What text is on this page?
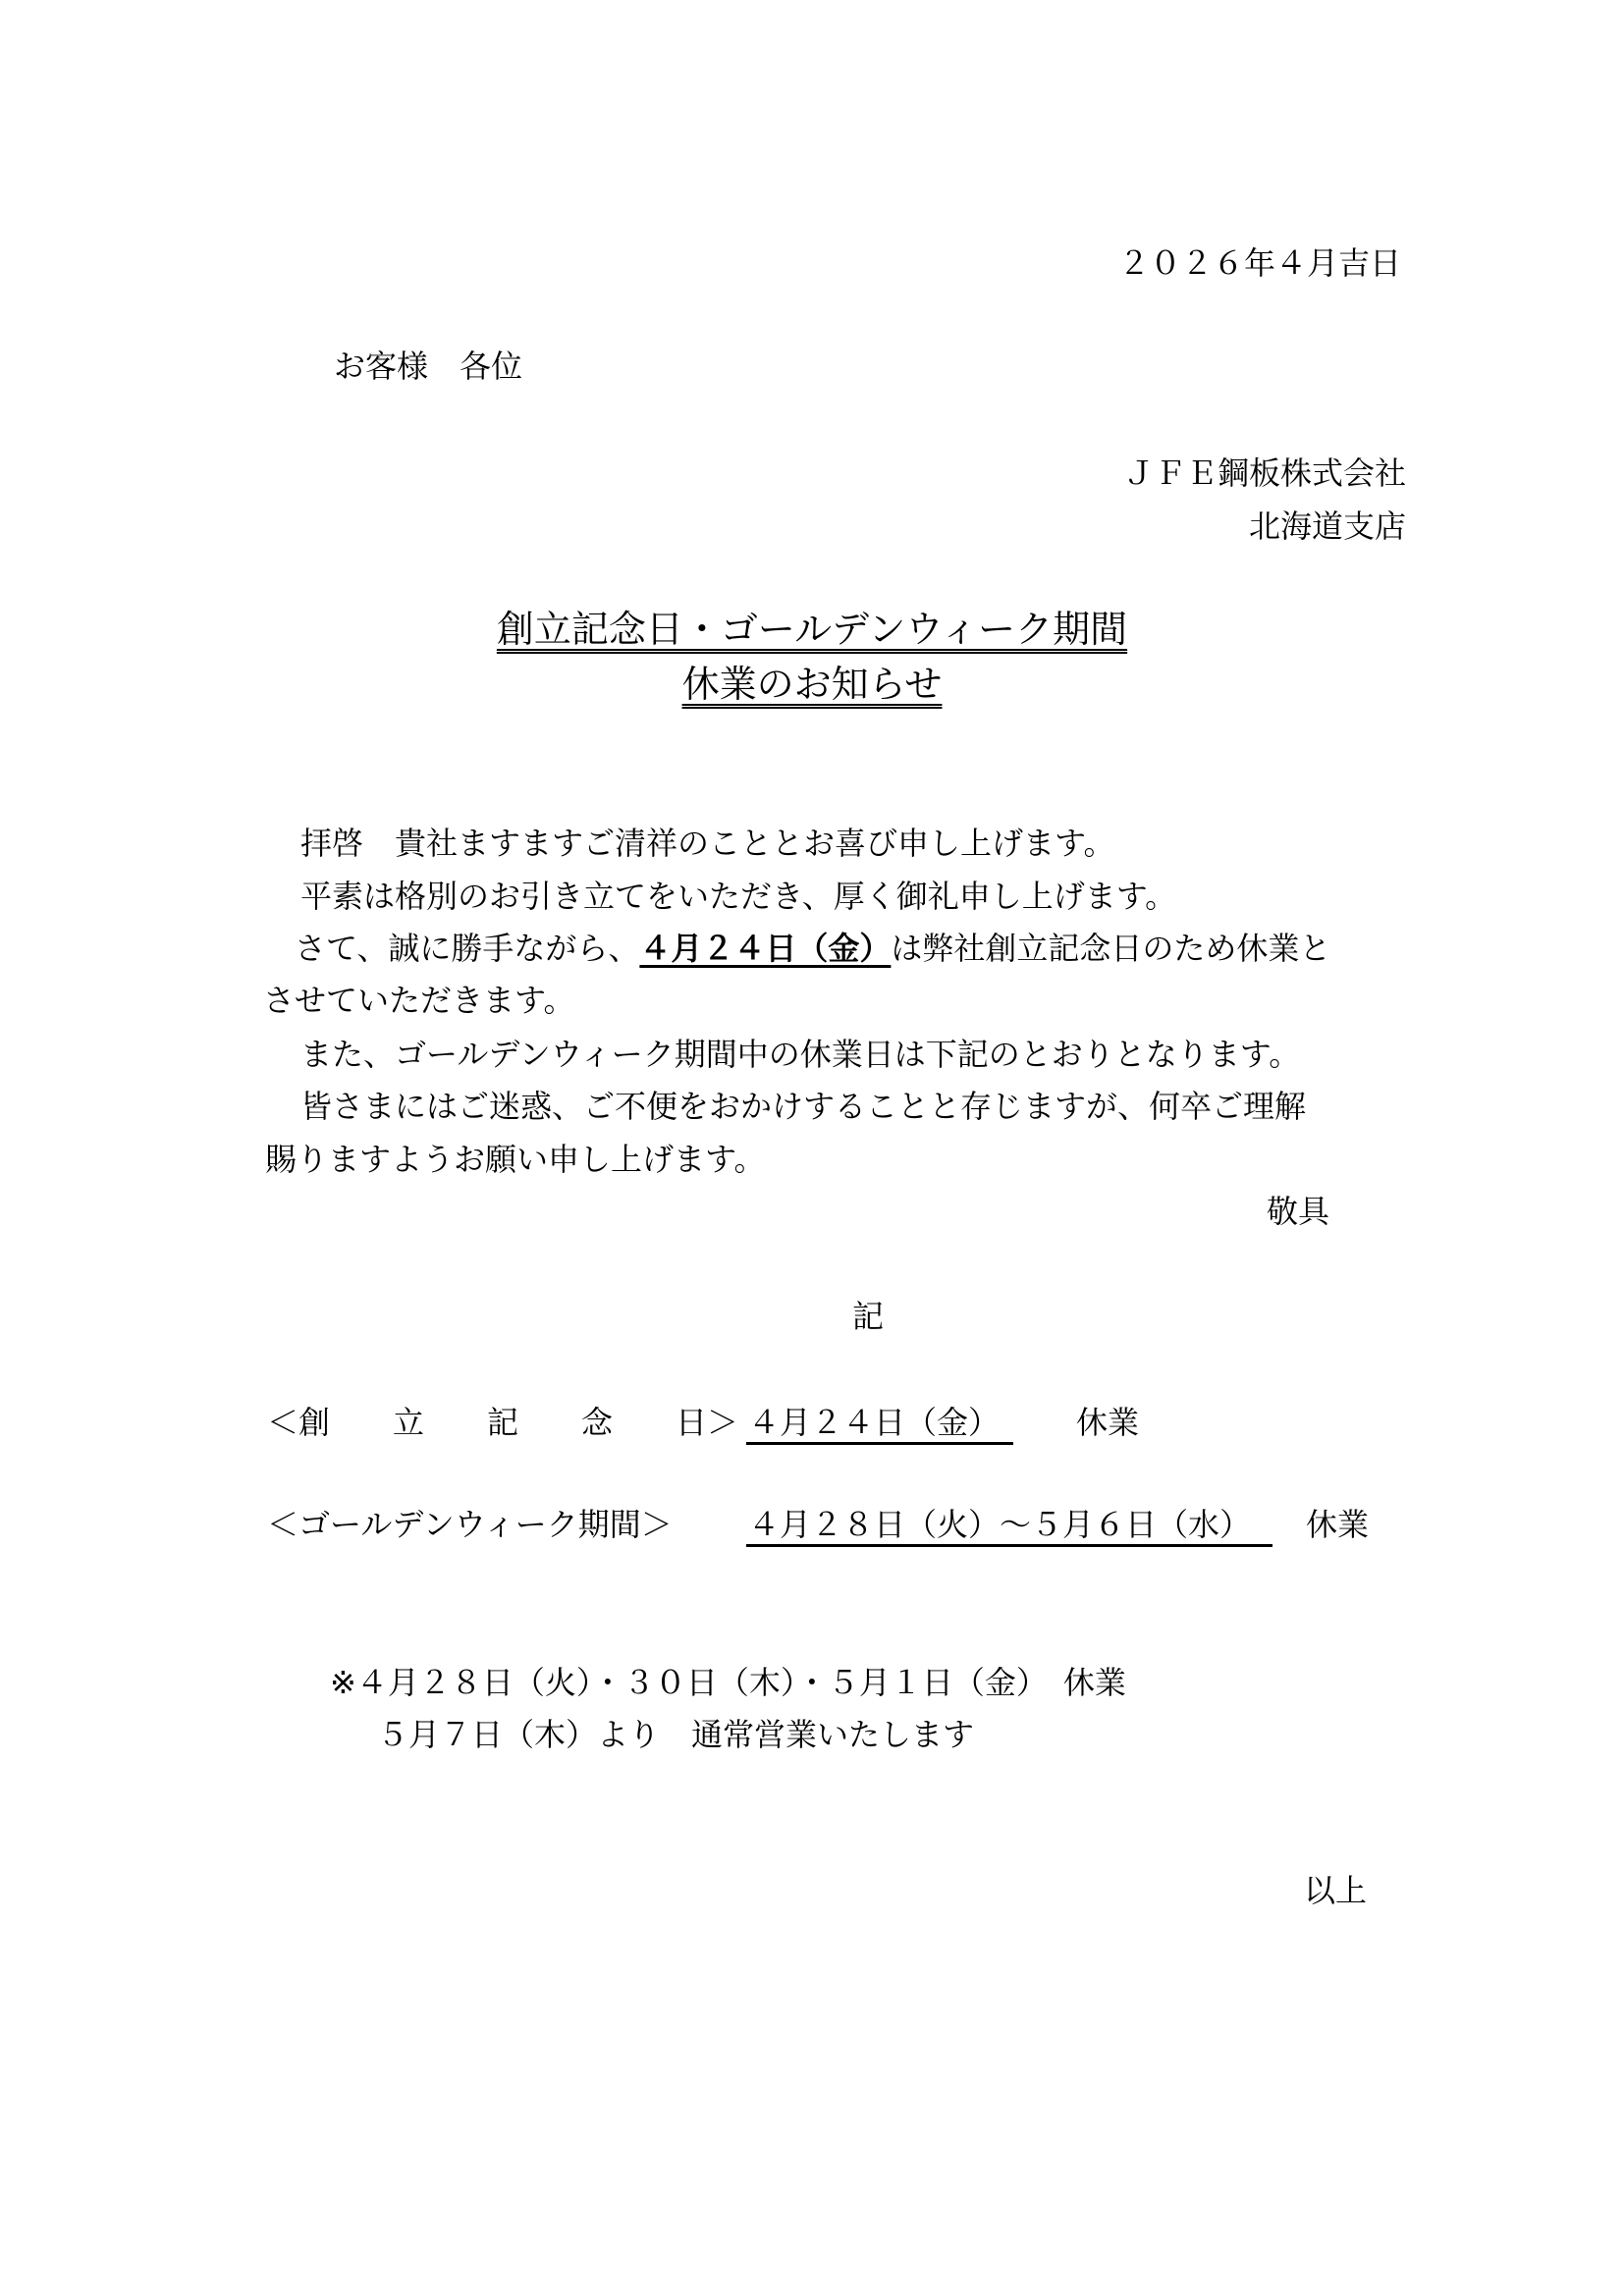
２０２６年４月吉日

お客様　各位

ＪＦＥ鋼板株式会社

北海道支店

創立記念日・ゴールデンウィーク期間

休業のお知らせ

拝啓　貴社ますますご清祥のこととお喜び申し上げます。

平素は格別のお引き立てをいただき、厚く御礼申し上げます。

さて、誠に勝手ながら、４月２４日（金）は弊社創立記念日のため休業と

させていただきます。

また、ゴールデンウィーク期間中の休業日は下記のとおりとなります。

皆さまにはご迷惑、ご不便をおかけすることと存じますが、何卒ご理解

賜りますようお願い申し上げます。

敬具

記

＜創　　立　　記　　念　　日＞ ４月２４日（金） 休業

＜ゴールデンウィーク期間＞ ４月２８日（火）～５月６日（水） 休業

※４月２８日（火）・３０日（木）・５月１日（金）　休業

５月７日（木）より　通常営業いたします

以上
